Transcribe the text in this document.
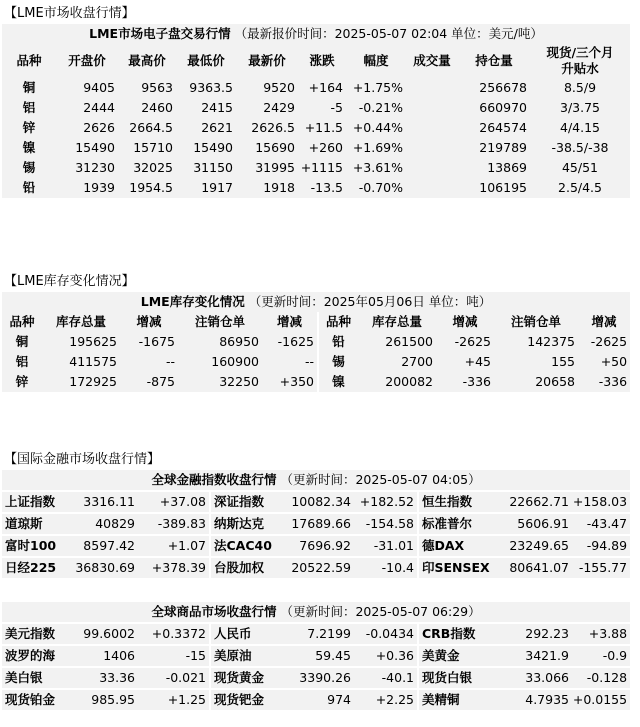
【LME市场收盘行情】
LME市场电子盘交易行情 （最新报价时间：2025-05-07 02:04 单位：美元/吨）									
品种	开盘价	最高价	最低价	最新价	涨跌	幅度	成交量	持仓量	现货/三个月
升贴水

铜	9405	9563	9363.5	9520	+164	+1.75%		256678	8.5/9
铝	2444	2460	2415	2429	-5	-0.21%		660970	3/3.75
锌	2626	2664.5	2621	2626.5	+11.5	+0.44%		264574	4/4.15
镍	15490	15710	15490	15690	+260	+1.69%		219789	-38.5/-38
锡	31230	32025	31150	31995	+1115	+3.61%		13869	45/51
铅	1939	1954.5	1917	1918	-13.5	-0.70%		106195	2.5/4.5
【LME库存变化情况】
LME库存变化情况 （更新时间：2025年05月06日 单位：吨）									
品种	库存总量	增减	注销仓单	增减	品种	库存总量	增减	注销仓单	增减
铜	195625	-1675	86950	-1625	铅	261500	-2625	142375	-2625
铝	411575	--	160900	--	锡	2700	+45	155	+50
锌	172925	-875	32250	+350	镍	200082	-336	20658	-336
【国际金融市场收盘行情】
全球金融指数收盘行情 （更新时间：2025-05-07 04:05）								
上证指数	3316.11	+37.08	深证指数	10082.34	+182.52	恒生指数	22662.71	+158.03
道琼斯	40829	-389.83	纳斯达克	17689.66	-154.58	标准普尔	5606.91	-43.47
富时100	8597.42	+1.07	法CAC40	7696.92	-31.01	德DAX	23249.65	-94.89
日经225	36830.69	+378.39	台股加权	20522.59	-10.4	印SENSEX	80641.07	-155.77
全球商品市场收盘行情 （更新时间：2025-05-07 06:29）								
美元指数	99.6002	+0.3372	人民币	7.2199	-0.0434	CRB指数	292.23	+3.88
波罗的海	1406	-15	美原油	59.45	+0.36	美黄金	3421.9	-0.9
美白银	33.36	-0.021	现货黄金	3390.26	-40.1	现货白银	33.066	-0.128
现货铂金	985.95	+1.25	现货钯金	974	+2.25	美精铜	4.7935	+0.0155
